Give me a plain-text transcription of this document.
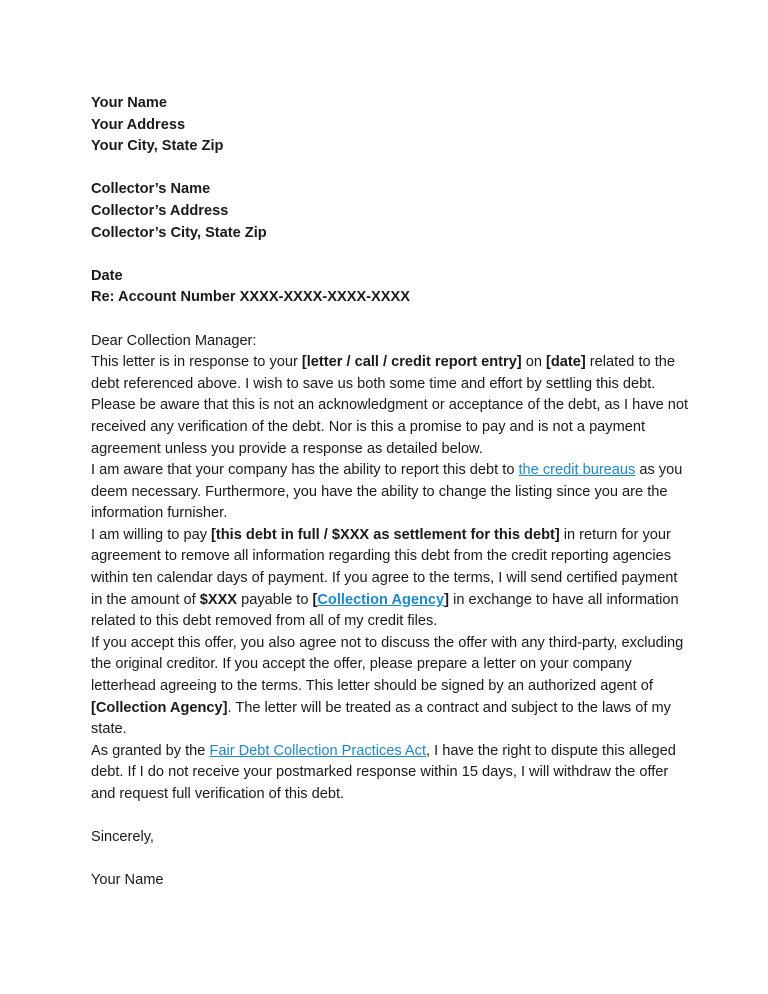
Your Name
Your Address
Your City, State Zip
Collector’s Name
Collector’s Address
Collector’s City, State Zip
Date
Re: Account Number XXXX-XXXX-XXXX-XXXX

Dear Collection Manager:

This letter is in response to your [letter / call / credit report entry] on [date] related to the debt referenced above. I wish to save us both some time and effort by settling this debt.

Please be aware that this is not an acknowledgment or acceptance of the debt, as I have not received any verification of the debt. Nor is this a promise to pay and is not a payment agreement unless you provide a response as detailed below.

I am aware that your company has the ability to report this debt to the credit bureaus as you deem necessary. Furthermore, you have the ability to change the listing since you are the information furnisher.

I am willing to pay [this debt in full / $XXX as settlement for this debt] in return for your agreement to remove all information regarding this debt from the credit reporting agencies within ten calendar days of payment. If you agree to the terms, I will send certified payment in the amount of $XXX payable to [Collection Agency] in exchange to have all information related to this debt removed from all of my credit files.

If you accept this offer, you also agree not to discuss the offer with any third-party, excluding the original creditor. If you accept the offer, please prepare a letter on your company letterhead agreeing to the terms. This letter should be signed by an authorized agent of [Collection Agency]. The letter will be treated as a contract and subject to the laws of my state.

As granted by the Fair Debt Collection Practices Act, I have the right to dispute this alleged debt. If I do not receive your postmarked response within 15 days, I will withdraw the offer and request full verification of this debt.

Sincerely,
Your Name
